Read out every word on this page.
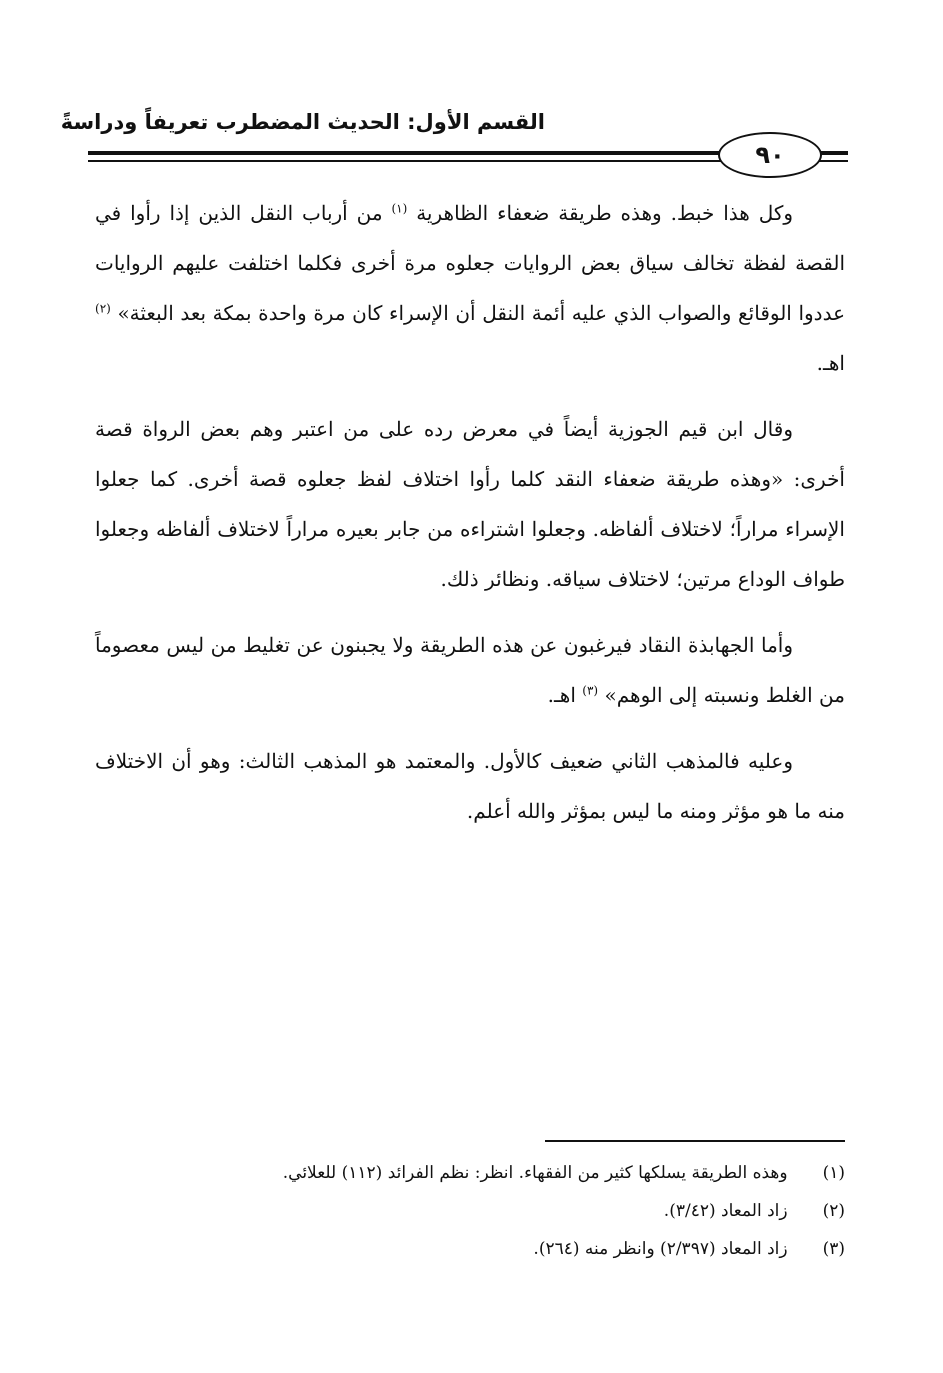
القسم الأول: الحديث المضطرب تعريفاً ودراسةً
٩٠

وكل هذا خبط. وهذه طريقة ضعفاء الظاهرية $^{(١)}$ من أرباب النقل الذين إذا رأوا في القصة لفظة تخالف سياق بعض الروايات جعلوه مرة أخرى فكلما اختلفت عليهم الروايات عددوا الوقائع والصواب الذي عليه أئمة النقل أن الإسراء كان مرة واحدة بمكة بعد البعثة» $^{(٢)}$ اهـ.

وقال ابن قيم الجوزية أيضاً في معرض رده على من اعتبر وهم بعض الرواة قصة أخرى: «وهذه طريقة ضعفاء النقد كلما رأوا اختلاف لفظ جعلوه قصة أخرى. كما جعلوا الإسراء مراراً؛ لاختلاف ألفاظه. وجعلوا اشتراءه من جابر بعيره مراراً لاختلاف ألفاظه وجعلوا طواف الوداع مرتين؛ لاختلاف سياقه. ونظائر ذلك.

وأما الجهابذة النقاد فيرغبون عن هذه الطريقة ولا يجبنون عن تغليط من ليس معصوماً من الغلط ونسبته إلى الوهم» $^{(٣)}$ اهـ.

وعليه فالمذهب الثاني ضعيف كالأول. والمعتمد هو المذهب الثالث: وهو أن الاختلاف منه ما هو مؤثر ومنه ما ليس بمؤثر والله أعلم.

(١) وهذه الطريقة يسلكها كثير من الفقهاء. انظر: نظم الفرائد (١١٢) للعلائي.
(٢) زاد المعاد (٣/٤٢).
(٣) زاد المعاد (٢/٣٩٧) وانظر منه (٢٦٤).
